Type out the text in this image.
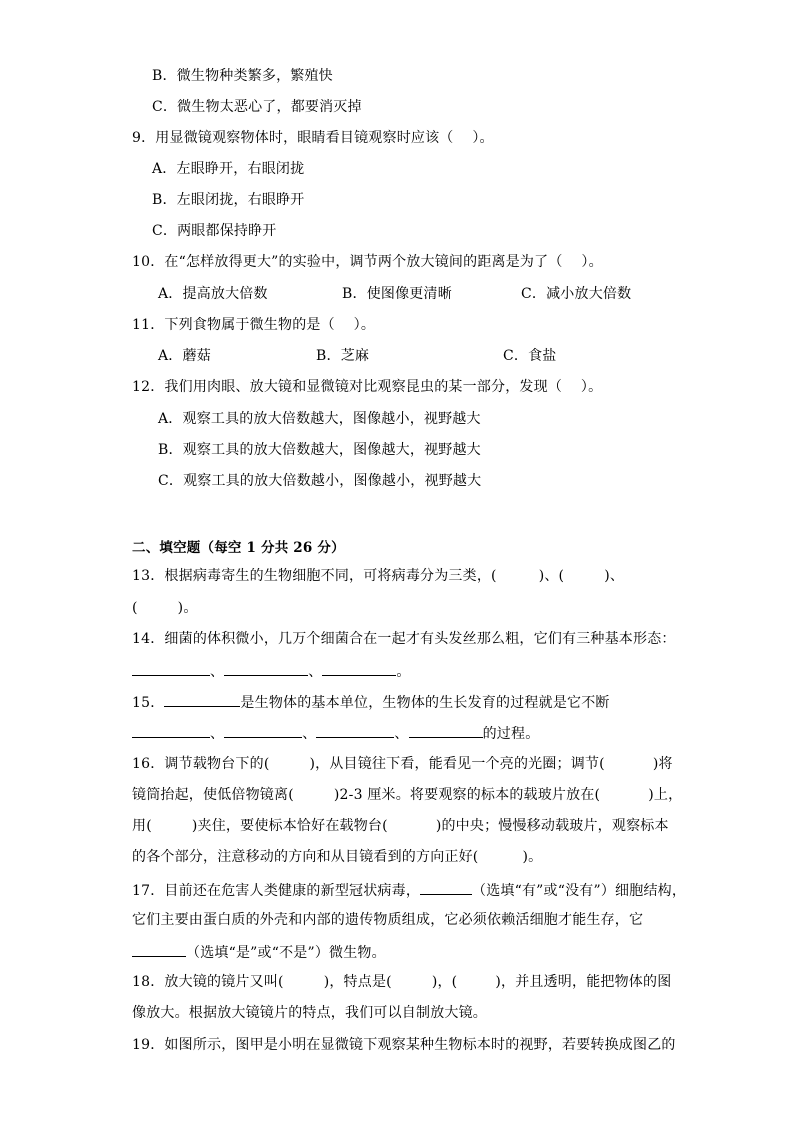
B．微生物种类繁多，繁殖快
C．微生物太恶心了，都要消灭掉
9．用显微镜观察物体时，眼睛看目镜观察时应该（　 ）。
A．左眼睁开，右眼闭拢
B．左眼闭拢，右眼睁开
C．两眼都保持睁开
10．在“怎样放得更大”的实验中，调节两个放大镜间的距离是为了（　 ）。
A．提高放大倍数	B．使图像更清晰	C．减小放大倍数
11．下列食物属于微生物的是（　 ）。
A．蘑菇	B．芝麻	C．食盐
12．我们用肉眼、放大镜和显微镜对比观察昆虫的某一部分，发现（　 ）。
A．观察工具的放大倍数越大，图像越小，视野越大
B．观察工具的放大倍数越大，图像越大，视野越大
C．观察工具的放大倍数越小，图像越小，视野越大
二、填空题（每空 1 分共 26 分）
13．根据病毒寄生的生物细胞不同，可将病毒分为三类，(	)、(	)、
(	)。
14．细菌的体积微小，几万个细菌合在一起才有头发丝那么粗，它们有三种基本形态：
、	、	。
15．	是生物体的基本单位，生物体的生长发育的过程就是它不断
、	、	、	的过程。
16．调节载物台下的(	)，从目镜往下看，能看见一个亮的光圈；调节(	)将
镜筒抬起，使低倍物镜离(	)2-3 厘米。将要观察的标本的载玻片放在(	)上，
用(	)夹住，要使标本恰好在载物台(	)的中央；慢慢移动载玻片，观察标本
的各个部分，注意移动的方向和从目镜看到的方向正好(	)。
17．目前还在危害人类健康的新型冠状病毒，	（选填“有”或“没有”）细胞结构，
它们主要由蛋白质的外壳和内部的遗传物质组成，它必须依赖活细胞才能生存，它
（选填“是”或“不是”）微生物。
18．放大镜的镜片又叫(	)，特点是(	)，(	)，并且透明，能把物体的图
像放大。根据放大镜镜片的特点，我们可以自制放大镜。
19．如图所示，图甲是小明在显微镜下观察某种生物标本时的视野，若要转换成图乙的
